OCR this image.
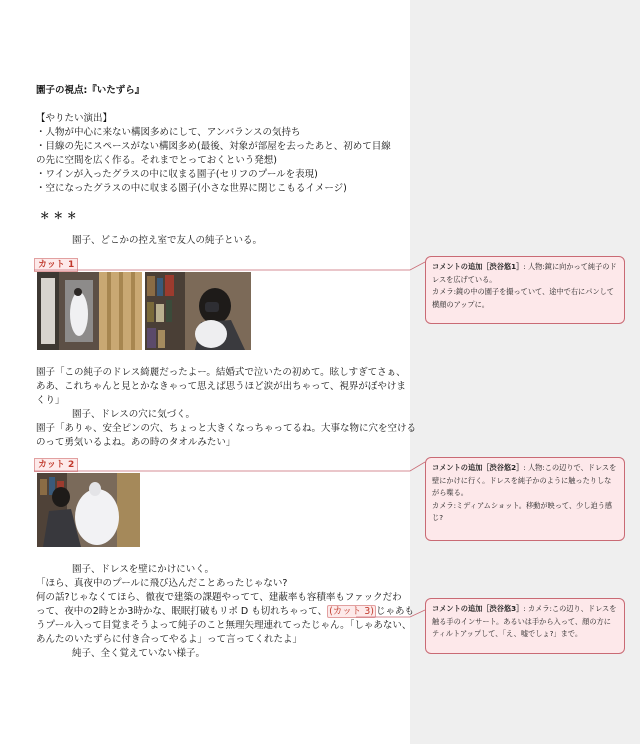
園子の視点:『いたずら』
【やりたい演出】
・人物が中心に来ない構図多めにして、アンバランスの気持ち
・目線の先にスペースがない構図多め(最後、対象が部屋を去ったあと、初めて目線
の先に空間を広く作る。それまでとっておくという発想)
・ワインが入ったグラスの中に収まる園子(セリフのプールを表現)
・空になったグラスの中に収まる園子(小さな世界に閉じこもるイメージ)
＊＊＊
園子、どこかの控え室で友人の純子といる。
カット 1
園子「この純子のドレス綺麗だったよー。結婚式で泣いたの初めて。眩しすぎてさぁ、
ああ、これちゃんと見とかなきゃって思えば思うほど涙が出ちゃって、視界がぼやけま
くり」
園子、ドレスの穴に気づく。
園子「ありゃ、安全ピンの穴、ちょっと大きくなっちゃってるね。大事な物に穴を空ける
のって勇気いるよね。あの時のタオルみたい」
カット 2
園子、ドレスを壁にかけにいく。
「ほら、真夜中のプールに飛び込んだことあったじゃない?
何の話?じゃなくてほら、徹夜で建築の課題やってて、建蔽率も容積率もファックだわ
って、夜中の2時とか3時かな、眠眠打破もリポ D も切れちゃって、 (カット 3) じゃあも
うプール入って目覚まそうよって純子のこと無理矢理連れてったじゃん。「しゃあない、
あんたのいたずらに付き合ってやるよ」って言ってくれたよ」
純子、全く覚えていない様子。

コメントの追加［渋谷悠1］: 人物:鏡に向かって純子のドレスを広げている。

カメラ:鏡の中の園子を撮っていて、途中で右にパンして横顔のアップに。

コメントの追加［渋谷悠2］: 人物:この辺りで、ドレスを壁にかけに行く。ドレスを純子かのように触ったりしながら喋る。

カメラ:ミディアムショット。移動が映って、少し迫う感じ?

コメントの追加［渋谷悠3］: カメラ:この辺り、ドレスを触る手のインサート。あるいは手から入って、顔の方にティルトアップして、「え、嘘でしょ?」まで。
